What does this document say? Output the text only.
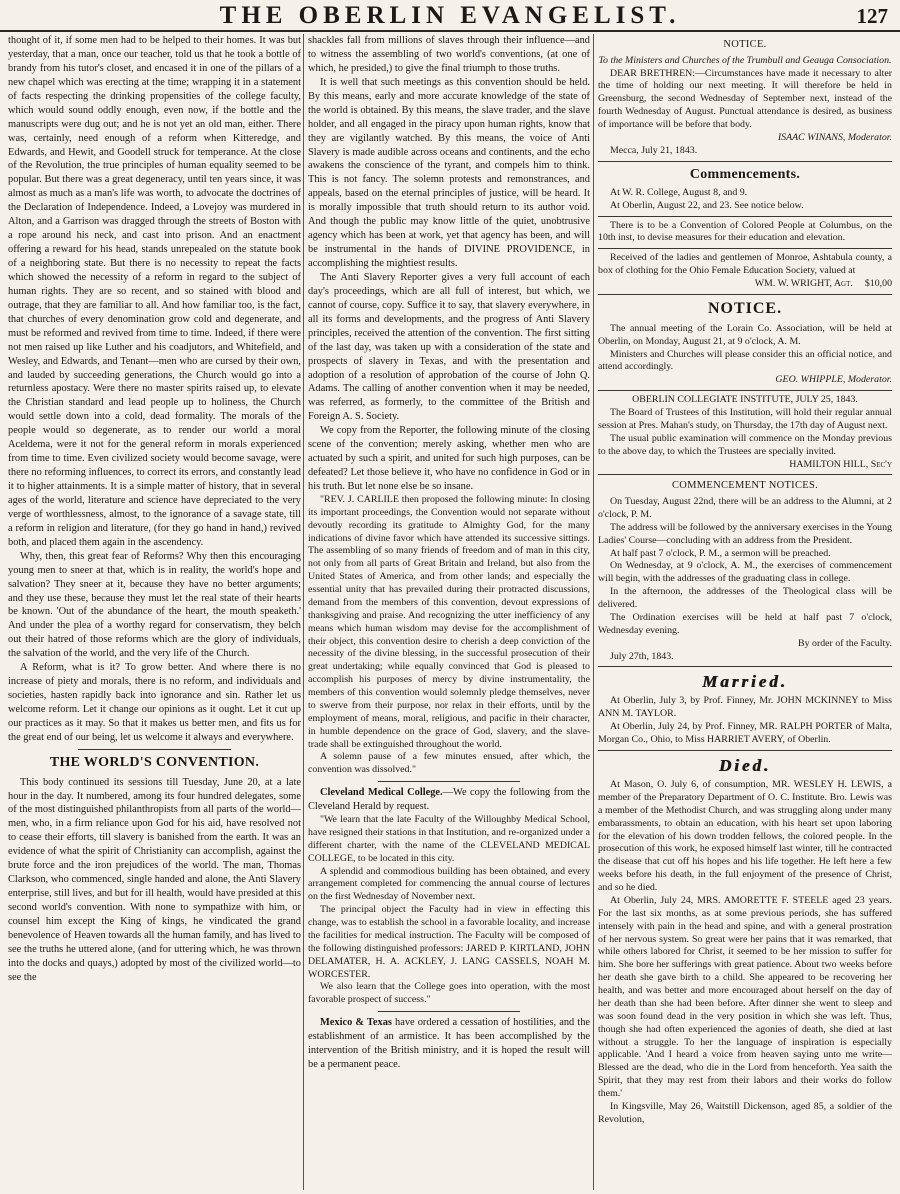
THE OBERLIN EVANGELIST.	127

thought of it, if some men had to be helped to their homes. It was but yesterday, that a man, once our teacher, told us that he took a bottle of brandy from his tutor's closet, and encased it in one of the pillars of a new chapel which was erecting at the time; wrapping it in a statement of facts respecting the drinking propensities of the college faculty, which would sound oddly enough, even now, if the bottle and the manuscripts were dug out; and he is not yet an old man, either. There was, certainly, need enough of a reform when Kitteredge, and Edwards, and Hewit, and Goodell struck for temperance. At the close of the Revolution, the true principles of human equality seemed to be popular. But there was a great degeneracy, until ten years since, it was almost as much as a man's life was worth, to advocate the doctrines of the Declaration of Independence. Indeed, a Lovejoy was murdered in Alton, and a Garrison was dragged through the streets of Boston with a rope around his neck, and cast into prison. And an enactment offering a reward for his head, stands unrepealed on the statute book of a neighboring state. But there is no necessity to repeat the facts which showed the necessity of a reform in regard to the subject of human rights. They are so recent, and so stained with blood and outrage, that they are familiar to all. And how familiar too, is the fact, that churches of every denomination grow cold and degenerate, and must be reformed and revived from time to time. Indeed, if there were not men raised up like Luther and his coadjutors, and Whitefield, and Wesley, and Edwards, and Tenant—men who are cursed by their own, and lauded by succeeding generations, the Church would go into a returnless apostacy. Were there no master spirits raised up, to elevate the Christian standard and lead people up to holiness, the Church would settle down into a cold, dead formality. The morals of the people would so degenerate, as to render our world a moral Aceldema, were it not for the general reform in morals experienced from time to time. Even civilized society would become savage, were there no reforming influences, to correct its errors, and constantly lead it to higher attainments. It is a simple matter of history, that in several ages of the world, literature and science have depreciated to the very verge of worthlessness, almost, to the ignorance of a savage state, till a reform in religion and literature, (for they go hand in hand,) revived both, and placed them again in the ascendency.

Why, then, this great fear of Reforms? Why then this encouraging young men to sneer at that, which is in reality, the world's hope and salvation? They sneer at it, because they have no better arguments; and they use these, because they must let the real state of their hearts be known. 'Out of the abundance of the heart, the mouth speaketh.' And under the plea of a worthy regard for conservatism, they belch out their hatred of those reforms which are the glory of individuals, the salvation of the world, and the very life of the Church.

A Reform, what is it? To grow better. And where there is no increase of piety and morals, there is no reform, and individuals and societies, hasten rapidly back into ignorance and sin. Rather let us welcome reform. Let it change our opinions as it ought. Let it cut up our practices as it may. So that it makes us better men, and fits us for the great end of our being, let us welcome it always and everywhere.

THE WORLD'S CONVENTION.

This body continued its sessions till Tuesday, June 20, at a late hour in the day. It numbered, among its four hundred delegates, some of the most distinguished philanthropists from all parts of the world—men, who, in a firm reliance upon God for his aid, have resolved not to cease their efforts, till slavery is banished from the earth. It was an evidence of what the spirit of Christianity can accomplish, against the brute force and the iron prejudices of the world. The man, Thomas Clarkson, who commenced, single handed and alone, the Anti Slavery enterprise, still lives, and but for ill health, would have presided at this second world's convention. With none to sympathize with him, or counsel him except the King of kings, he vindicated the grand benevolence of Heaven towards all the human family, and has lived to see the truths he uttered alone, (and for uttering which, he was thrown into the docks and quays,) adopted by most of the civilized world—to see the

shackles fall from millions of slaves through their influence—and to witness the assembling of two world's conventions, (at one of which, he presided,) to give the final triumph to those truths.

It is well that such meetings as this convention should be held. By this means, early and more accurate knowledge of the state of the world is obtained. By this means, the slave trader, and the slave holder, and all engaged in the piracy upon human rights, know that they are vigilantly watched. By this means, the voice of Anti Slavery is made audible across oceans and continents, and the echo awakens the conscience of the tyrant, and compels him to think. This is not fancy. The solemn protests and remonstrances, and appeals, based on the eternal principles of justice, will be heard. It is morally impossible that truth should return to its author void. And though the public may know little of the quiet, unobtrusive agency which has been at work, yet that agency has been, and will be instrumental in the hands of DIVINE PROVIDENCE, in accomplishing the mightiest results.

The Anti Slavery Reporter gives a very full account of each day's proceedings, which are all full of interest, but which, we cannot of course, copy. Suffice it to say, that slavery everywhere, in all its forms and developments, and the progress of Anti Slavery principles, received the attention of the convention. The first sitting of the last day, was taken up with a consideration of the state and prospects of slavery in Texas, and with the presentation and adoption of a resolution of approbation of the course of John Q. Adams. The calling of another convention when it may be needed, was referred, as formerly, to the committee of the British and Foreign A. S. Society.

We copy from the Reporter, the following minute of the closing scene of the convention; merely asking, whether men who are actuated by such a spirit, and united for such high purposes, can be defeated? Let those believe it, who have no confidence in God or in his truth. But let none else be so insane.

"REV. J. CARLILE then proposed the following minute: In closing its important proceedings, the Convention would not separate without devoutly recording its gratitude to Almighty God, for the many indications of divine favor which have attended its successive sittings. The assembling of so many friends of freedom and of man in this city, not only from all parts of Great Britain and Ireland, but also from the United States of America, and from other lands; and especially the essential unity that has prevailed during their protracted discussions, demand from the members of this convention, devout expressions of thanksgiving and praise. And recognizing the utter inefficiency of any means which human wisdom may devise for the accomplishment of their object, this convention desire to cherish a deep conviction of the necessity of the divine blessing, in the successful prosecution of their great undertaking; while equally convinced that God is pleased to accomplish his purposes of mercy by divine instrumentality, the members of this convention would solemnly pledge themselves, never to swerve from their purpose, nor relax in their efforts, until by the employment of means, moral, religious, and pacific in their character, in humble dependence on the grace of God, slavery, and the slave-trade shall be extinguished throughout the world.

A solemn pause of a few minutes ensued, after which, the convention was dissolved."

Cleveland Medical College.—We copy the following from the Cleveland Herald by request.

"We learn that the late Faculty of the Willoughby Medical School, have resigned their stations in that Institution, and re-organized under a different charter, with the name of the CLEVELAND MEDICAL COLLEGE, to be located in this city.

A splendid and commodious building has been obtained, and every arrangement completed for commencing the annual course of lectures on the first Wednesday of November next.

The principal object the Faculty had in view in effecting this change, was to establish the school in a favorable locality, and increase the facilities for medical instruction. The Faculty will be composed of the following distinguished professors: JARED P. KIRTLAND, JOHN DELAMATER, H. A. ACKLEY, J. LANG CASSELS, NOAH M. WORCESTER.

We also learn that the College goes into operation, with the most favorable prospect of success."

Mexico & Texas have ordered a cessation of hostilities, and the establishment of an armistice. It has been accomplished by the intervention of the British ministry, and it is hoped the result will be a permanent peace.

NOTICE.
To the Ministers and Churches of the Trumbull and Geauga Consociation.

DEAR BRETHREN:—Circumstances have made it necessary to alter the time of holding our next meeting. It will therefore be held in Greensburg, the second Wednesday of September next, instead of the fourth Wednesday of August. Punctual attendance is desired, as business of importance will be before that body.

ISAAC WINANS, Moderator.

Mecca, July 21, 1843.

Commencements.

At W. R. College, August 8, and 9.

At Oberlin, August 22, and 23. See notice below.

There is to be a Convention of Colored People at Columbus, on the 10th inst, to devise measures for their education and elevation.

Received of the ladies and gentlemen of Monroe, Ashtabula county, a box of clothing for the Ohio Female Education Society, valued at
$10,00

WM. W. WRIGHT, Agt.
NOTICE.

The annual meeting of the Lorain Co. Association, will be held at Oberlin, on Monday, August 21, at 9 o'clock, A. M.

Ministers and Churches will please consider this an official notice, and attend accordingly.

GEO. WHIPPLE, Moderator.
OBERLIN COLLEGIATE INSTITUTE, JULY 25, 1843.

The Board of Trustees of this Institution, will hold their regular annual session at Pres. Mahan's study, on Thursday, the 17th day of August next.

The usual public examination will commence on the Monday previous to the above day, to which the Trustees are specially invited.

HAMILTON HILL, Sec'y
COMMENCEMENT NOTICES.

On Tuesday, August 22nd, there will be an address to the Alumni, at 2 o'clock, P. M.

The address will be followed by the anniversary exercises in the Young Ladies' Course—concluding with an address from the President.

At half past 7 o'clock, P. M., a sermon will be preached.

On Wednesday, at 9 o'clock, A. M., the exercises of commencement will begin, with the addresses of the graduating class in college.

In the afternoon, the addresses of the Theological class will be delivered.

The Ordination exercises will be held at half past 7 o'clock, Wednesday evening.

By order of the Faculty.

July 27th, 1843.

Married.

At Oberlin, July 3, by Prof. Finney, Mr. JOHN MCKINNEY to Miss ANN M. TAYLOR.

At Oberlin, July 24, by Prof. Finney, MR. RALPH PORTER of Malta, Morgan Co., Ohio, to Miss HARRIET AVERY, of Oberlin.

Died.

At Mason, O. July 6, of consumption, MR. WESLEY H. LEWIS, a member of the Preparatory Department of O. C. Institute. Bro. Lewis was a member of the Methodist Church, and was struggling along under many embarassments, to obtain an education, with his heart set upon laboring for the elevation of his down trodden fellows, the colored people. In the prosecution of this work, he exposed himself last winter, till he contracted the disease that cut off his hopes and his life together. He left here a few weeks before his death, in the full enjoyment of the presence of Christ, and so he died.

At Oberlin, July 24, MRS. AMORETTE F. STEELE aged 23 years. For the last six months, as at some previous periods, she has suffered intensely with pain in the head and spine, and with a general prostration of her nervous system. So great were her pains that it was remarked, that while others labored for Christ, it seemed to be her mission to suffer for him. She bore her sufferings with great patience. About two weeks before her death she gave birth to a child. She appeared to be recovering her health, and was better and more encouraged about herself on the day of her death than she had been before. After dinner she went to sleep and was soon found dead in the very position in which she was left. Thus, though she had often experienced the agonies of death, she died at last without a struggle. To her the language of inspiration is especially applicable. 'And I heard a voice from heaven saying unto me write—Blessed are the dead, who die in the Lord from henceforth. Yea saith the Spirit, that they may rest from their labors and their works do follow them.'

In Kingsville, May 26, Waitstill Dickenson, aged 85, a soldier of the Revolution,
